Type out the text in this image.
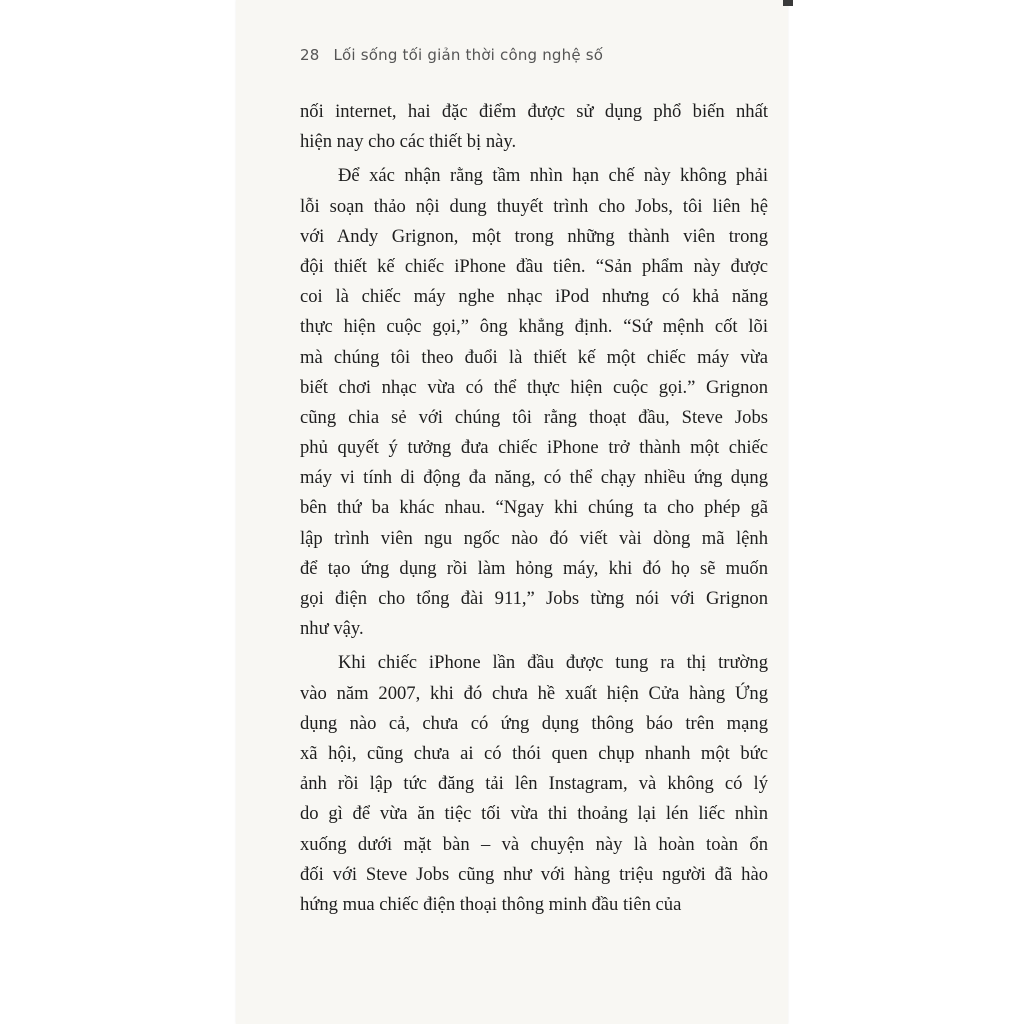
28 Lối sống tối giản thời công nghệ số
nối internet, hai đặc điểm được sử dụng phổ biến nhất
hiện nay cho các thiết bị này.
Để xác nhận rằng tầm nhìn hạn chế này không phải
lỗi soạn thảo nội dung thuyết trình cho Jobs, tôi liên hệ
với Andy Grignon, một trong những thành viên trong
đội thiết kế chiếc iPhone đầu tiên. “Sản phẩm này được
coi là chiếc máy nghe nhạc iPod nhưng có khả năng
thực hiện cuộc gọi,” ông khẳng định. “Sứ mệnh cốt lõi
mà chúng tôi theo đuổi là thiết kế một chiếc máy vừa
biết chơi nhạc vừa có thể thực hiện cuộc gọi.” Grignon
cũng chia sẻ với chúng tôi rằng thoạt đầu, Steve Jobs
phủ quyết ý tưởng đưa chiếc iPhone trở thành một chiếc
máy vi tính di động đa năng, có thể chạy nhiều ứng dụng
bên thứ ba khác nhau. “Ngay khi chúng ta cho phép gã
lập trình viên ngu ngốc nào đó viết vài dòng mã lệnh
để tạo ứng dụng rồi làm hỏng máy, khi đó họ sẽ muốn
gọi điện cho tổng đài 911,” Jobs từng nói với Grignon
như vậy.
Khi chiếc iPhone lần đầu được tung ra thị trường
vào năm 2007, khi đó chưa hề xuất hiện Cửa hàng Ứng
dụng nào cả, chưa có ứng dụng thông báo trên mạng
xã hội, cũng chưa ai có thói quen chụp nhanh một bức
ảnh rồi lập tức đăng tải lên Instagram, và không có lý
do gì để vừa ăn tiệc tối vừa thi thoảng lại lén liếc nhìn
xuống dưới mặt bàn – và chuyện này là hoàn toàn ổn
đối với Steve Jobs cũng như với hàng triệu người đã hào
hứng mua chiếc điện thoại thông minh đầu tiên của
